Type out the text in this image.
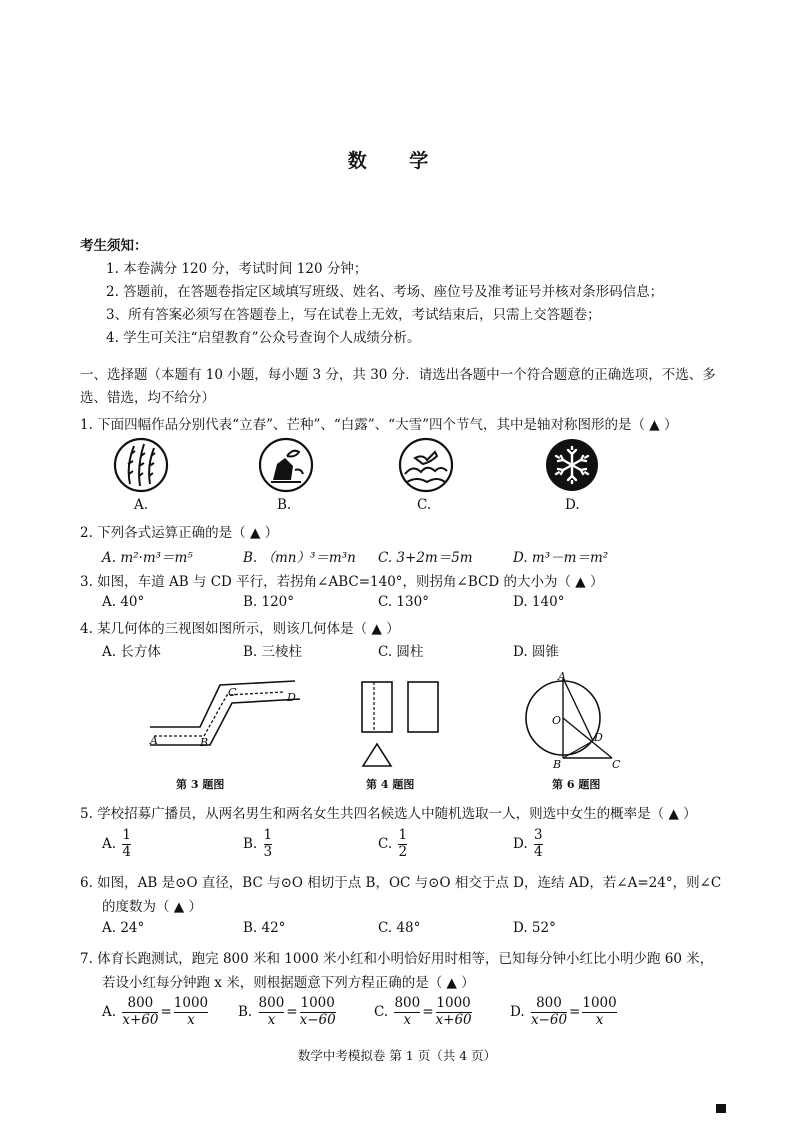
数 学
考生须知：
1. 本卷满分 120 分，考试时间 120 分钟；
2. 答题前，在答题卷指定区域填写班级、姓名、考场、座位号及准考证号并核对条形码信息；
3、所有答案必须写在答题卷上，写在试卷上无效，考试结束后，只需上交答题卷；
4. 学生可关注“启望教育”公众号查询个人成绩分析。
一、选择题（本题有 10 小题，每小题 3 分，共 30 分．请选出各题中一个符合题意的正确选项，不选、多
选、错选，均不给分）
1. 下面四幅作品分别代表“立春”、芒种”、“白露”、“大雪”四个节气，其中是轴对称图形的是（ ▲ ）
A.	B.	C.	D.
2. 下列各式运算正确的是（ ▲ ）
A. m²·m³＝m⁵	B. （mn）³＝m³n C. 3+2m＝5m	D. m³－m＝m²
3. 如图，车道 AB 与 CD 平行，若拐角∠ABC=140°，则拐角∠BCD 的大小为（ ▲ ）
A. 40°	B. 120°	C. 130°	D. 140°
4. 某几何体的三视图如图所示，则该几何体是（ ▲ ）
A. 长方体	B. 三棱柱	C. 圆柱	D. 圆锥
A	B
C	D
第 3 题图	第 4 题图
A
O
D
B	C
第 6 题图
5. 学校招募广播员，从两名男生和两名女生共四名候选人中随机选取一人，则选中女生的概率是（ ▲ ）
A.
$\frac{1}{4}$	B.
$\frac{1}{3}$	C.
$\frac{1}{2}$	D.
$\frac{3}{4}$
6. 如图，AB 是⊙O 直径，BC 与⊙O 相切于点 B，OC 与⊙O 相交于点 D，连结 AD，若∠A=24°，则∠C
的度数为（ ▲ ）
A. 24°	B. 42°	C. 48°	D. 52°
7. 体育长跑测试，跑完 800 米和 1000 米小红和小明恰好用时相等，已知每分钟小红比小明少跑 60 米，
若设小红每分钟跑 x 米，则根据题意下列方程正确的是（ ▲ ）
A.
$\frac{800}{x+60} = \frac{1000}{x} B$.
$\frac{800}{x} = \frac{1000}{x-60}$	C.
$\frac{800}{x} = \frac{1000}{x+60}$	D.
$\frac{800}{x-60} = \frac{1000}{x}$
数学中考模拟卷 第 1 页（共 4 页）
